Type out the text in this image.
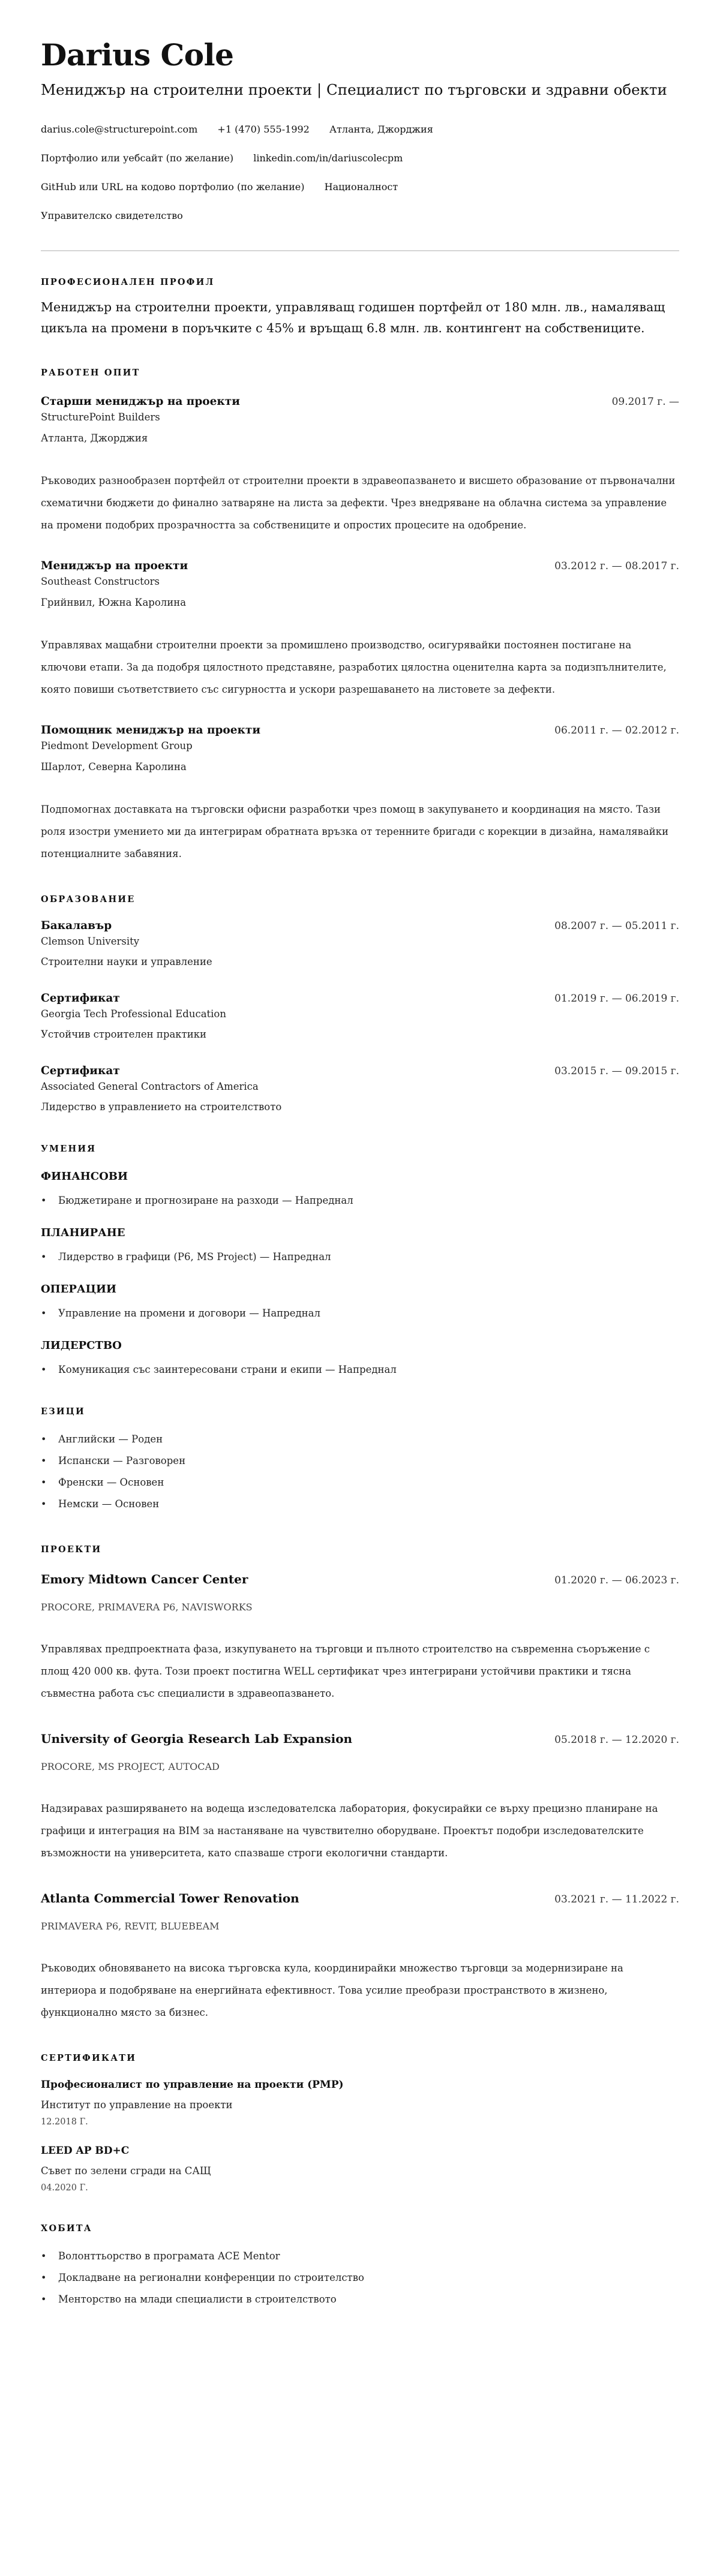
Darius Cole
Мениджър на строителни проекти | Специалист по търговски и здравни обекти
darius.cole@structurepoint.com +1 (470) 555-1992 Атланта, Джорджия
Портфолио или уебсайт (по желание) linkedin.com/in/dariuscolecpm
GitHub или URL на кодово портфолио (по желание) Националност
Управителско свидетелство
ПРОФЕСИОНАЛЕН ПРОФИЛ

Мениджър на строителни проекти, управляващ годишен портфейл от 180 млн. лв., намаляващ цикъла на промени в поръчките с 45% и връщащ 6.8 млн. лв. контингент на собствениците.

РАБОТЕН ОПИТ
Старши мениджър на проекти	09.2017 г. —
StructurePoint Builders
Атланта, Джорджия

Ръководих разнообразен портфейл от строителни проекти в здравеопазването и висшето образование от първоначални схематични бюджети до финално затваряне на листа за дефекти. Чрез внедряване на облачна система за управление на промени подобрих прозрачността за собствениците и опростих процесите на одобрение.

Мениджър на проекти	03.2012 г. — 08.2017 г.
Southeast Constructors
Грийнвил, Южна Каролина

Управлявах мащабни строителни проекти за промишлено производство, осигурявайки постоянен постигане на ключови етапи. За да подобря цялостното представяне, разработих цялостна оценителна карта за подизпълнителите, която повиши съответствието със сигурността и ускори разрешаването на листовете за дефекти.

Помощник мениджър на проекти	06.2011 г. — 02.2012 г.
Piedmont Development Group
Шарлот, Северна Каролина

Подпомогнах доставката на търговски офисни разработки чрез помощ в закупуването и координация на място. Тази роля изостри умението ми да интегрирам обратната връзка от теренните бригади с корекции в дизайна, намалявайки потенциалните забавяния.

ОБРАЗОВАНИЕ
Бакалавър	08.2007 г. — 05.2011 г.
Clemson University
Строителни науки и управление
Сертификат	01.2019 г. — 06.2019 г.
Georgia Tech Professional Education
Устойчив строителен практики
Сертификат	03.2015 г. — 09.2015 г.
Associated General Contractors of America
Лидерство в управлението на строителството
УМЕНИЯ
ФИНАНСОВИ
• Бюджетиране и прогнозиране на разходи — Напреднал
ПЛАНИРАНЕ
• Лидерство в графици (P6, MS Project) — Напреднал
ОПЕРАЦИИ
• Управление на промени и договори — Напреднал
ЛИДЕРСТВО
• Комуникация със заинтересовани страни и екипи — Напреднал
ЕЗИЦИ
• Английски — Роден
• Испански — Разговорен
• Френски — Основен
• Немски — Основен
ПРОЕКТИ
Emory Midtown Cancer Center	01.2020 г. — 06.2023 г.
PROCORE, PRIMAVERA P6, NAVISWORKS

Управлявах предпроектната фаза, изкупуването на търговци и пълното строителство на съвременна съоръжение с площ 420 000 кв. фута. Този проект постигна WELL сертификат чрез интегрирани устойчиви практики и тясна съвместна работа със специалисти в здравеопазването.

University of Georgia Research Lab Expansion	05.2018 г. — 12.2020 г.
PROCORE, MS PROJECT, AUTOCAD

Надзиравах разширяването на водеща изследователска лаборатория, фокусирайки се върху прецизно планиране на графици и интеграция на BIM за настаняване на чувствително оборудване. Проектът подобри изследователските възможности на университета, като спазваше строги екологични стандарти.

Atlanta Commercial Tower Renovation	03.2021 г. — 11.2022 г.
PRIMAVERA P6, REVIT, BLUEBEAM

Ръководих обновяването на висока търговска кула, координирайки множество търговци за модернизиране на интериора и подобряване на енергийната ефективност. Това усилие преобрази пространството в жизнено, функционално място за бизнес.

СЕРТИФИКАТИ
Професионалист по управление на проекти (PMP)
Институт по управление на проекти
12.2018 Г.
LEED AP BD+C
Съвет по зелени сгради на САЩ
04.2020 Г.
ХОБИТА
• Волонттьорство в програмата ACE Mentor
• Докладване на регионални конференции по строителство
• Менторство на млади специалисти в строителството
